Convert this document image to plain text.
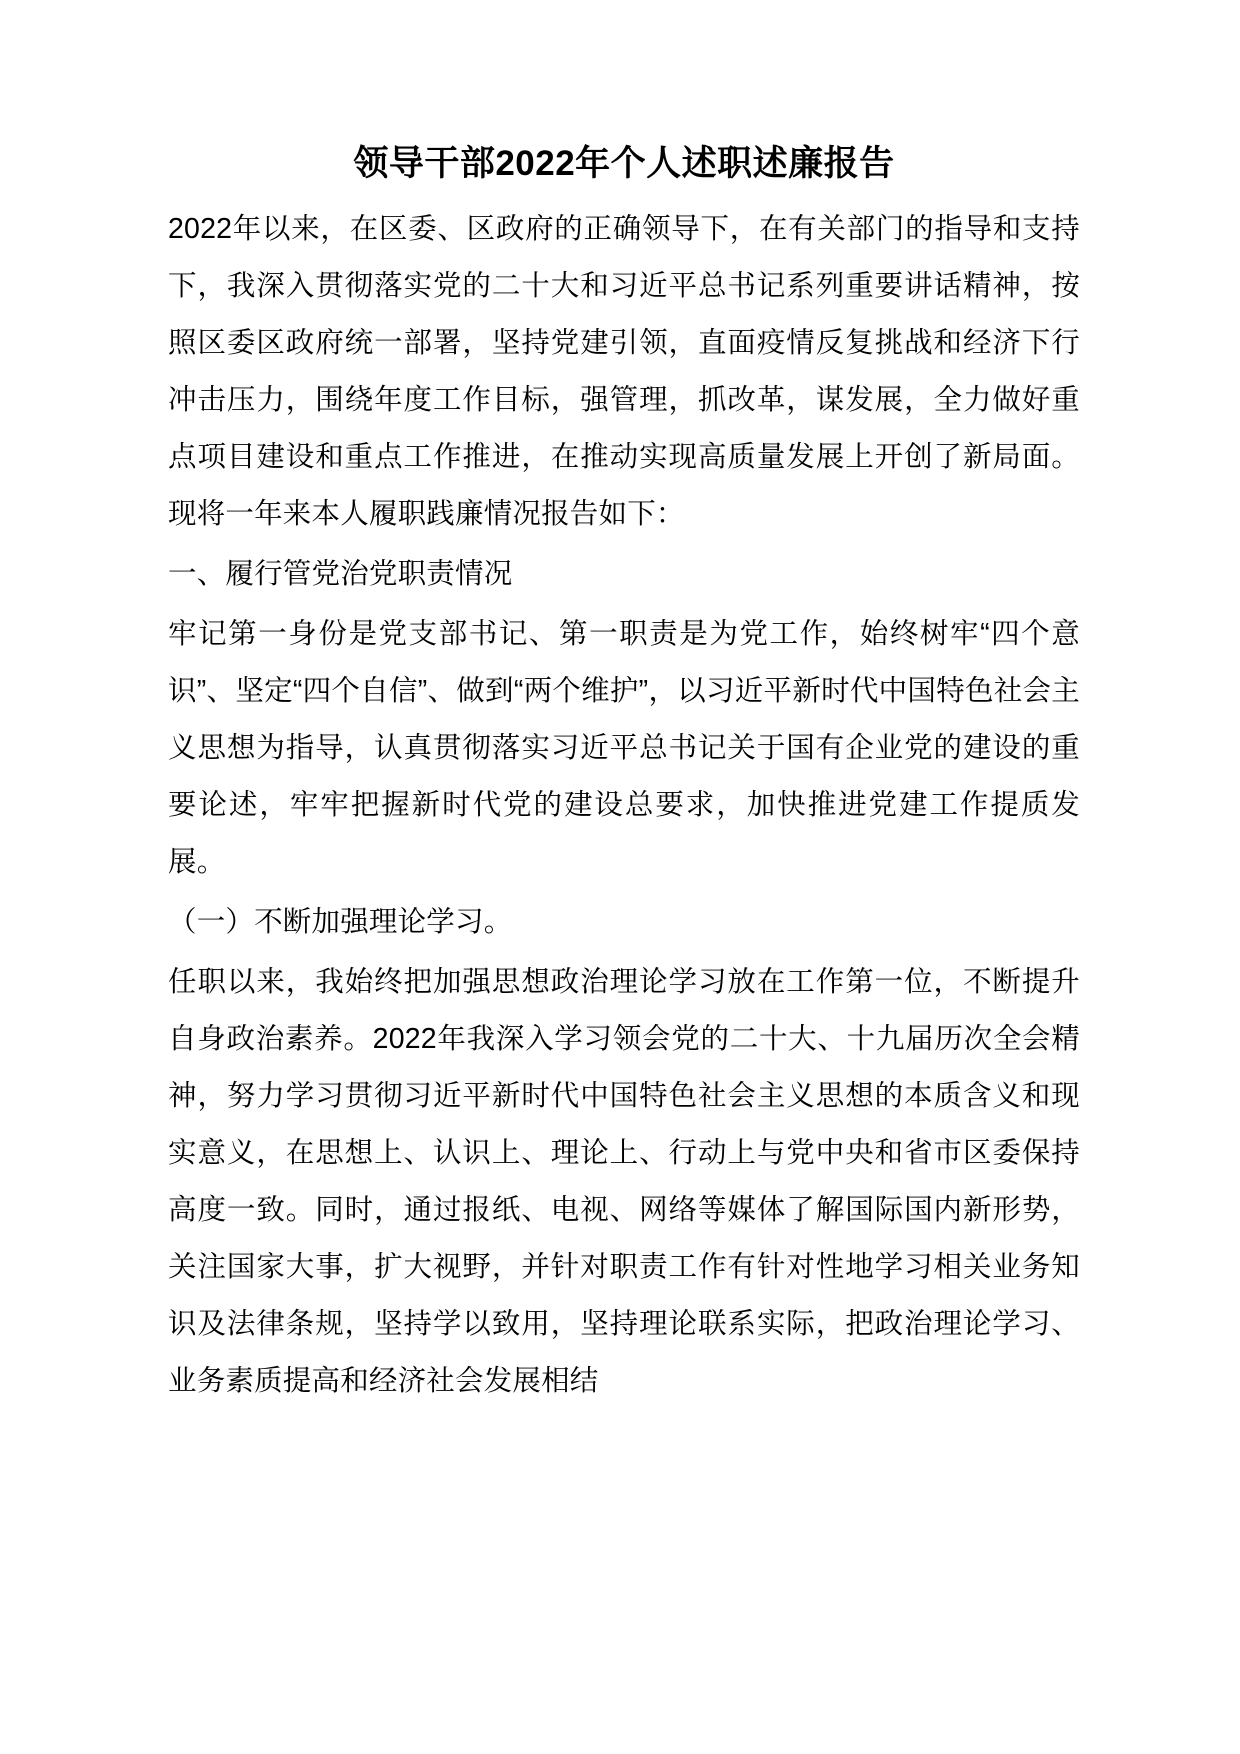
领导干部2022年个人述职述廉报告

2022年以来，在区委、区政府的正确领导下，在有关部门的指导和支持下，我深入贯彻落实党的二十大和习近平总书记系列重要讲话精神，按照区委区政府统一部署，坚持党建引领，直面疫情反复挑战和经济下行冲击压力，围绕年度工作目标，强管理，抓改革，谋发展，全力做好重点项目建设和重点工作推进，在推动实现高质量发展上开创了新局面。现将一年来本人履职践廉情况报告如下：

一、履行管党治党职责情况

牢记第一身份是党支部书记、第一职责是为党工作，始终树牢“四个意识”、坚定“四个自信”、做到“两个维护”，以习近平新时代中国特色社会主义思想为指导，认真贯彻落实习近平总书记关于国有企业党的建设的重要论述，牢牢把握新时代党的建设总要求，加快推进党建工作提质发展。

（一）不断加强理论学习。

任职以来，我始终把加强思想政治理论学习放在工作第一位，不断提升自身政治素养。2022年我深入学习领会党的二十大、十九届历次全会精神，努力学习贯彻习近平新时代中国特色社会主义思想的本质含义和现实意义，在思想上、认识上、理论上、行动上与党中央和省市区委保持高度一致。同时，通过报纸、电视、网络等媒体了解国际国内新形势，关注国家大事，扩大视野，并针对职责工作有针对性地学习相关业务知识及法律条规，坚持学以致用，坚持理论联系实际，把政治理论学习、业务素质提高和经济社会发展相结
